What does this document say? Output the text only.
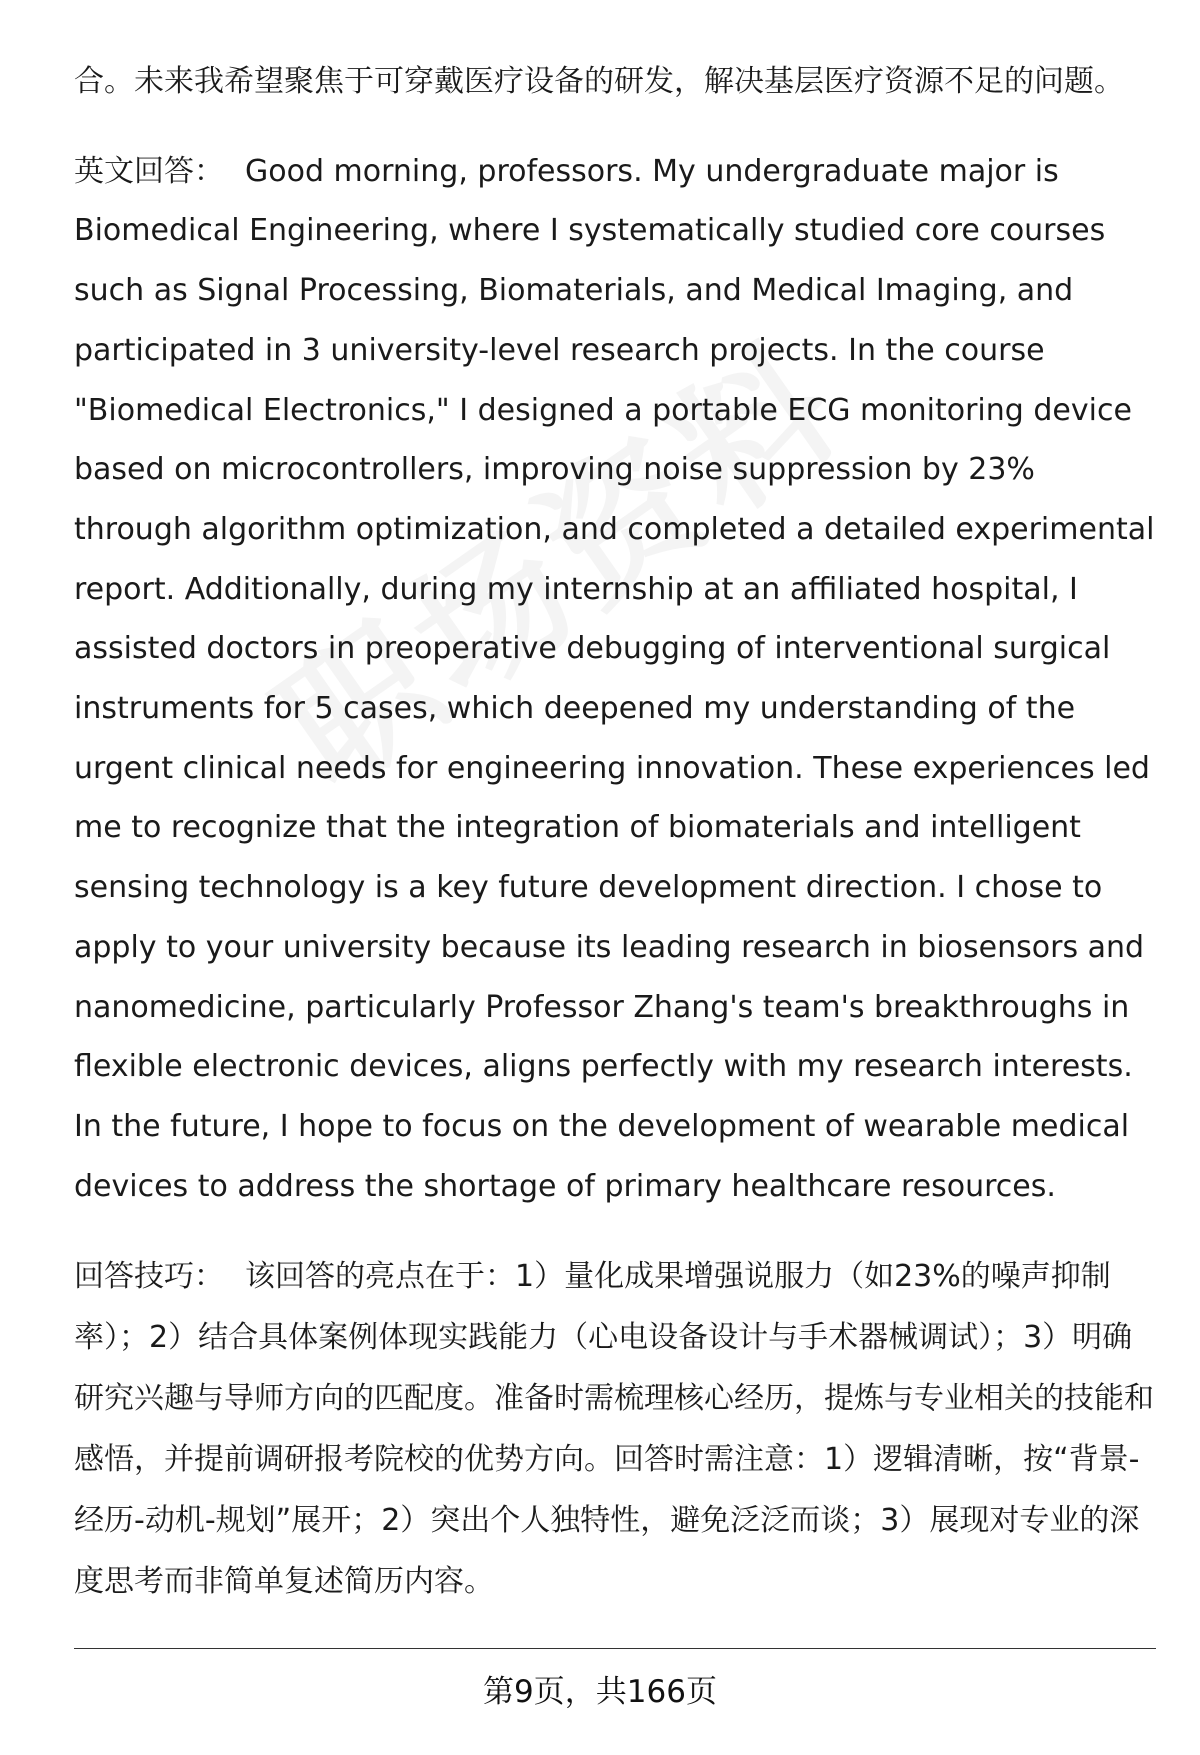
合。未来我希望聚焦于可穿戴医疗设备的研发，解决基层医疗资源不足的问题。

英文回答： Good morning, professors. My undergraduate major is Biomedical Engineering, where I systematically studied core courses such as Signal Processing, Biomaterials, and Medical Imaging, and participated in 3 university-level research projects. In the course "Biomedical Electronics," I designed a portable ECG monitoring device based on microcontrollers, improving noise suppression by 23% through algorithm optimization, and completed a detailed experimental report. Additionally, during my internship at an affiliated hospital, I assisted doctors in preoperative debugging of interventional surgical instruments for 5 cases, which deepened my understanding of the urgent clinical needs for engineering innovation. These experiences led me to recognize that the integration of biomaterials and intelligent sensing technology is a key future development direction. I chose to apply to your university because its leading research in biosensors and nanomedicine, particularly Professor Zhang's team's breakthroughs in flexible electronic devices, aligns perfectly with my research interests. In the future, I hope to focus on the development of wearable medical devices to address the shortage of primary healthcare resources.

回答技巧： 该回答的亮点在于：1）量化成果增强说服力（如23%的噪声抑制率）；2）结合具体案例体现实践能力（心电设备设计与手术器械调试）；3）明确研究兴趣与导师方向的匹配度。准备时需梳理核心经历，提炼与专业相关的技能和感悟，并提前调研报考院校的优势方向。回答时需注意：1）逻辑清晰，按“背景-经历-动机-规划”展开；2）突出个人独特性，避免泛泛而谈；3）展现对专业的深度思考而非简单复述简历内容。

第9页，共166页
